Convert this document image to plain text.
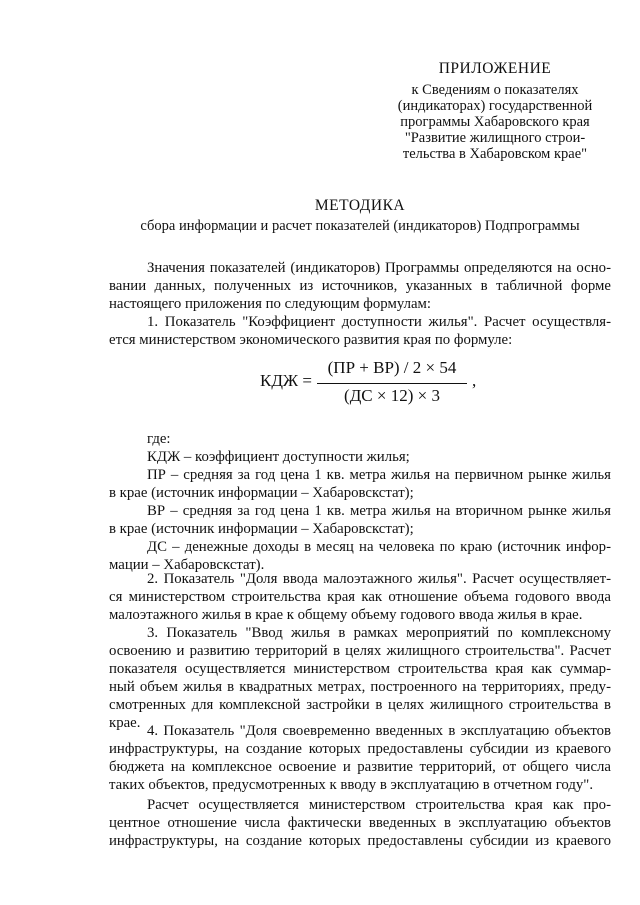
ПРИЛОЖЕНИЕ
к Сведениям о показателях
(индикаторах) государственной
программы Хабаровского края
"Развитие жилищного строи-
тельства в Хабаровском крае"
МЕТОДИКА
сбора информации и расчет показателей (индикаторов) Подпрограммы
Значения показателей (индикаторов) Программы определяются на осно-
вании данных, полученных из источников, указанных в табличной форме
настоящего приложения по следующим формулам:
1. Показатель "Коэффициент доступности жилья". Расчет осуществля-
ется министерством экономического развития края по формуле:
КДЖ =
(ПР + ВР) / 2 × 54
(ДС × 12) × 3
,
где:
КДЖ – коэффициент доступности жилья;
ПР – средняя за год цена 1 кв. метра жилья на первичном рынке жилья
в крае (источник информации – Хабаровскстат);
ВР – средняя за год цена 1 кв. метра жилья на вторичном рынке жилья
в крае (источник информации – Хабаровскстат);
ДС – денежные доходы в месяц на человека по краю (источник инфор-
мации – Хабаровскстат).
2. Показатель "Доля ввода малоэтажного жилья". Расчет осуществляет-
ся министерством строительства края как отношение объема годового ввода
малоэтажного жилья в крае к общему объему годового ввода жилья в крае.
3. Показатель "Ввод жилья в рамках мероприятий по комплексному
освоению и развитию территорий в целях жилищного строительства". Расчет
показателя осуществляется министерством строительства края как суммар-
ный объем жилья в квадратных метрах, построенного на территориях, преду-
смотренных для комплексной застройки в целях жилищного строительства в
крае. 4. Показатель "Доля своевременно введенных в эксплуатацию объектов
инфраструктуры, на создание которых предоставлены субсидии из краевого
бюджета на комплексное освоение и развитие территорий, от общего числа
таких объектов, предусмотренных к вводу в эксплуатацию в отчетном году".
Расчет осуществляется министерством строительства края как про-
центное отношение числа фактически введенных в эксплуатацию объектов
инфраструктуры, на создание которых предоставлены субсидии из краевого
